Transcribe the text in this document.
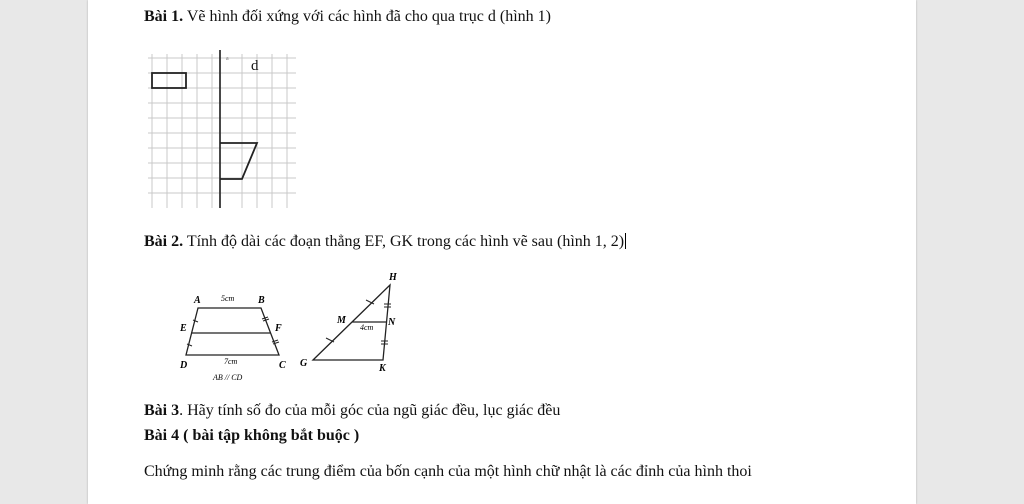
Bài 1. Vẽ hình đối xứng với các hình đã cho qua trục d (hình 1)
a d
Bài 2. Tính độ dài các đoạn thẳng EF, GK trong các hình vẽ sau (hình 1, 2)
A	B
C
D
E	F
5cm
7cm
AB // CD
H
M	N
G	K
4cm
Bài 3. Hãy tính số đo của mỗi góc của ngũ giác đều, lục giác đều
Bài 4 ( bài tập không bắt buộc )
Chứng minh rằng các trung điểm của bốn cạnh của một hình chữ nhật là các đỉnh của hình thoi
